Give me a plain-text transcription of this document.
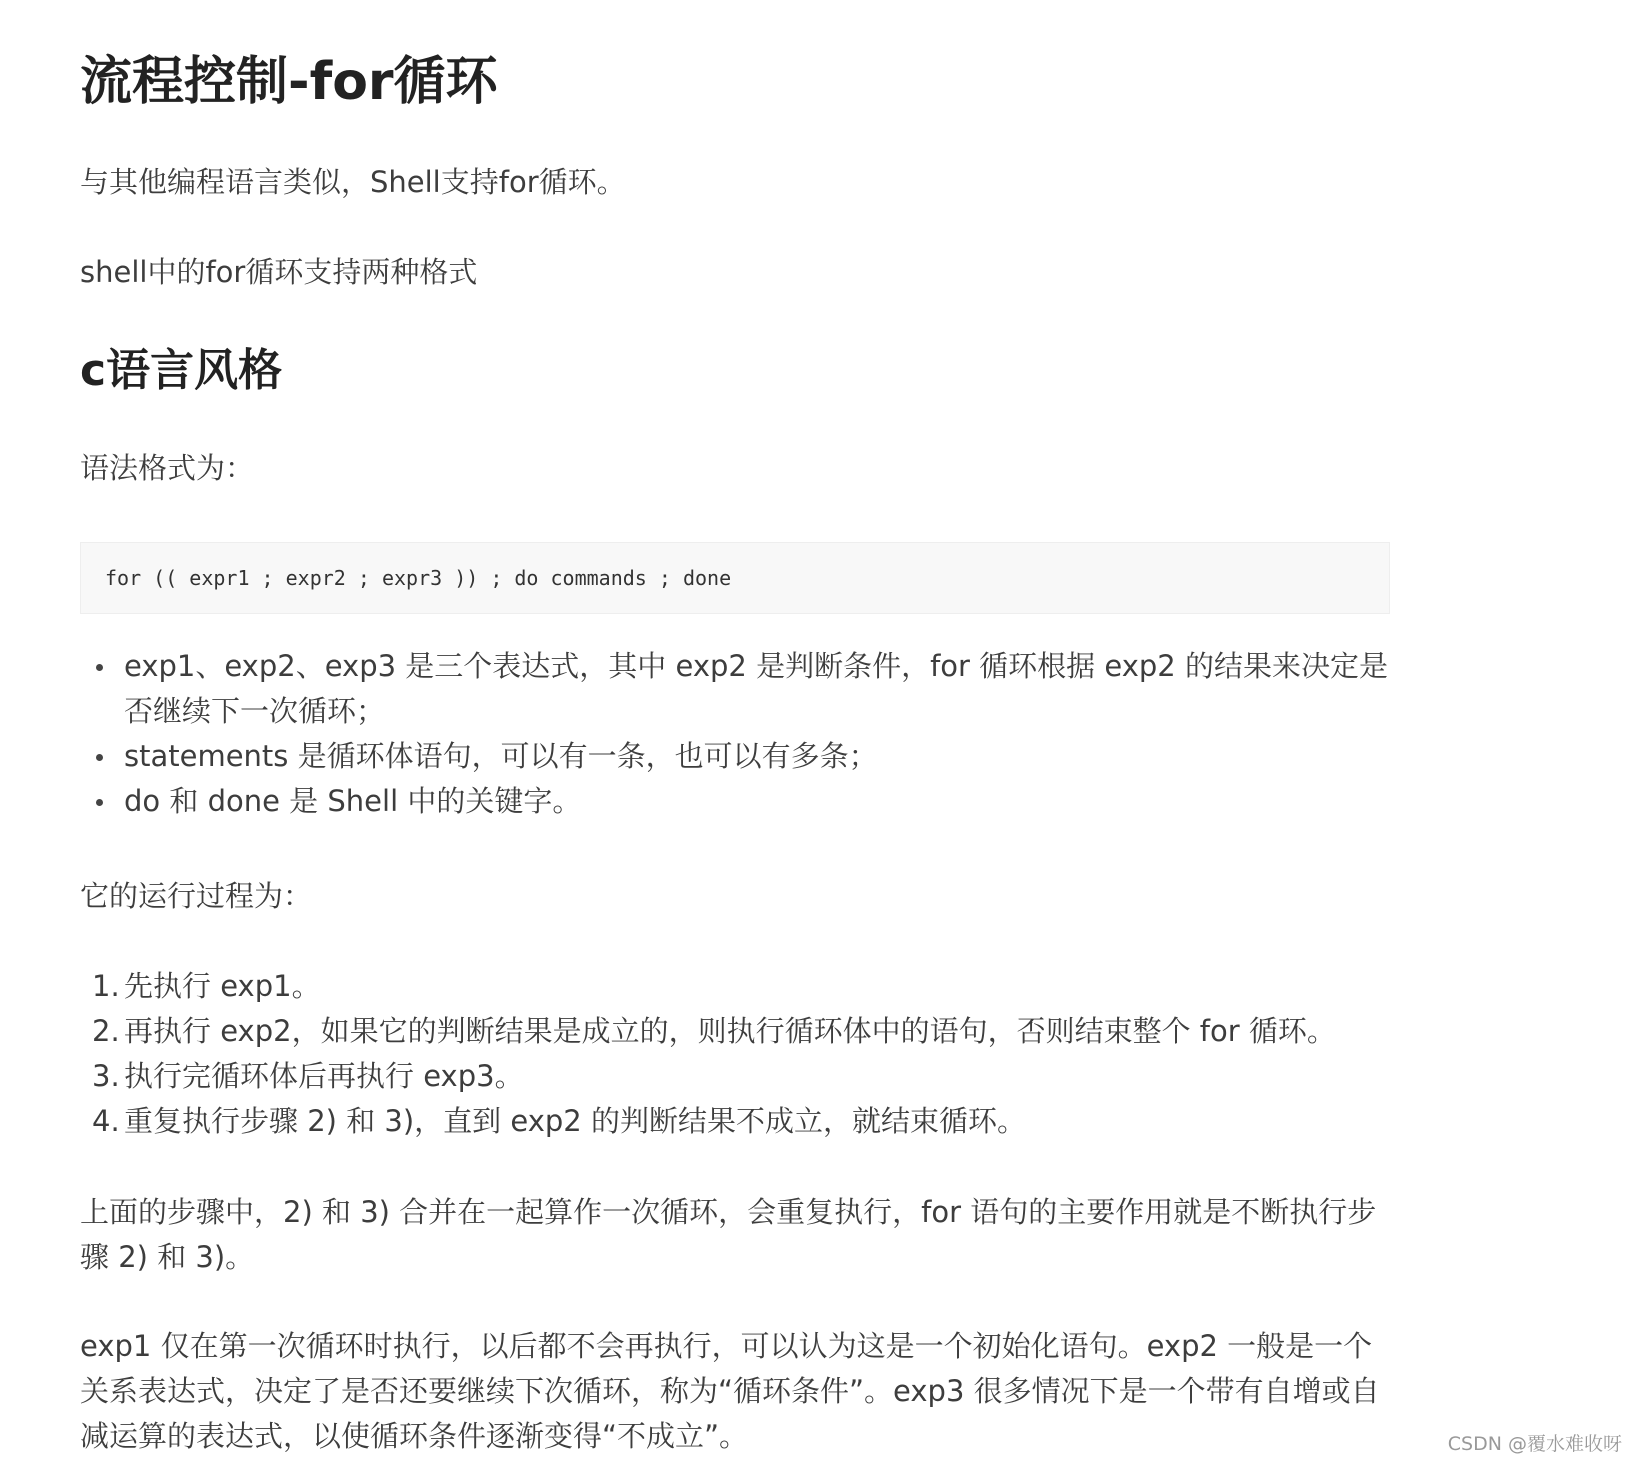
流程控制-for循环

与其他编程语言类似，Shell支持for循环。

shell中的for循环支持两种格式

c语言风格

语法格式为：

for (( expr1 ; expr2 ; expr3 )) ; do commands ; done
exp1、exp2、exp3 是三个表达式，其中 exp2 是判断条件，for 循环根据 exp2 的结果来决定是否继续下一次循环；
statements 是循环体语句，可以有一条，也可以有多条；
do 和 done 是 Shell 中的关键字。

它的运行过程为：

1. 先执行 exp1。
2. 再执行 exp2，如果它的判断结果是成立的，则执行循环体中的语句，否则结束整个 for 循环。
3. 执行完循环体后再执行 exp3。
4. 重复执行步骤 2) 和 3)，直到 exp2 的判断结果不成立，就结束循环。

上面的步骤中，2) 和 3) 合并在一起算作一次循环，会重复执行，for 语句的主要作用就是不断执行步骤 2) 和 3)。

exp1 仅在第一次循环时执行，以后都不会再执行，可以认为这是一个初始化语句。exp2 一般是一个关系表达式，决定了是否还要继续下次循环，称为“循环条件”。exp3 很多情况下是一个带有自增或自减运算的表达式，以使循环条件逐渐变得“不成立”。	CSDN @覆水难收呀
